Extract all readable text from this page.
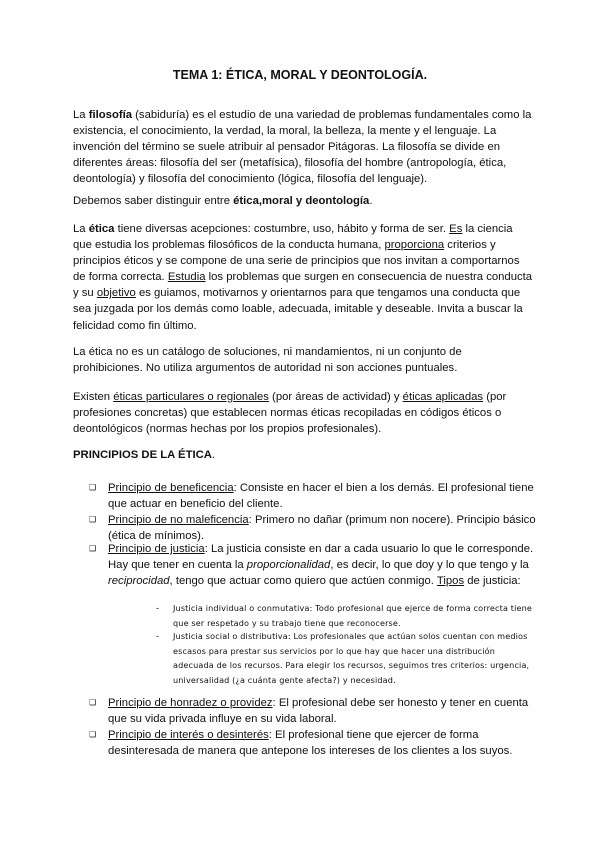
TEMA 1: ÉTICA, MORAL Y DEONTOLOGÍA.

La filosofía (sabiduría) es el estudio de una variedad de problemas fundamentales como la existencia, el conocimiento, la verdad, la moral, la belleza, la mente y el lenguaje. La invención del término se suele atribuir al pensador Pitágoras. La filosofía se divide en diferentes áreas: filosofía del ser (metafísica), filosofía del hombre (antropología, ética, deontología) y filosofía del conocimiento (lógica, filosofía del lenguaje).

Debemos saber distinguir entre ética,moral y deontología.

La ética tiene diversas acepciones: costumbre, uso, hábito y forma de ser. Es la ciencia que estudia los problemas filosóficos de la conducta humana, proporciona criterios y principios éticos y se compone de una serie de principios que nos invitan a comportarnos de forma correcta. Estudia los problemas que surgen en consecuencia de nuestra conducta y su objetivo es guiamos, motivarnos y orientarnos para que tengamos una conducta que sea juzgada por los demás como loable, adecuada, imitable y deseable. Invita a buscar la felicidad como fin último.

La ética no es un catálogo de soluciones, ni mandamientos, ni un conjunto de prohibiciones. No utiliza argumentos de autoridad ni son acciones puntuales.

Existen éticas particulares o regionales (por áreas de actividad) y éticas aplicadas (por profesiones concretas) que establecen normas éticas recopiladas en códigos éticos o deontológicos (normas hechas por los propios profesionales).

PRINCIPIOS DE LA ÉTICA.
❑ Principio de beneficencia: Consiste en hacer el bien a los demás. El profesional tiene que actuar en beneficio del cliente.

❑ Principio de no maleficencia: Primero no dañar (primum non nocere). Principio básico (ética de mínimos).

❑ Principio de justicia: La justicia consiste en dar a cada usuario lo que le corresponde. Hay que tener en cuenta la proporcionalidad, es decir, lo que doy y lo que tengo y la reciprocidad, tengo que actuar como quiero que actúen conmigo. Tipos de justicia:

- Justicia individual o conmutativa: Todo profesional que ejerce de forma correcta tiene que ser respetado y su trabajo tiene que reconocerse.

- Justicia social o distributiva: Los profesionales que actúan solos cuentan con medios escasos para prestar sus servicios por lo que hay que hacer una distribución adecuada de los recursos. Para elegir los recursos, seguimos tres criterios: urgencia, universalidad (¿a cuánta gente afecta?) y necesidad.

❑ Principio de honradez o providez: El profesional debe ser honesto y tener en cuenta que su vida privada influye en su vida laboral.

❑ Principio de interés o desinterés: El profesional tiene que ejercer de forma desinteresada de manera que antepone los intereses de los clientes a los suyos.
